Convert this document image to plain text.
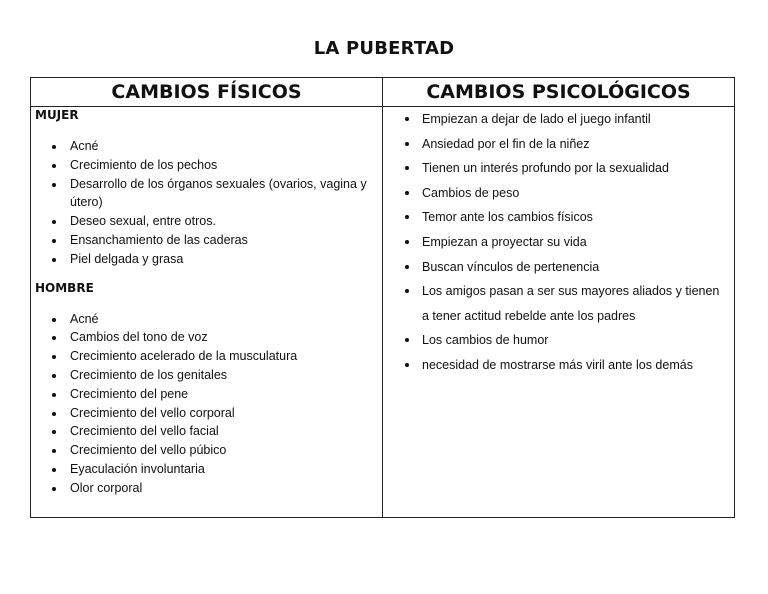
LA PUBERTAD
CAMBIOS FÍSICOS	CAMBIOS PSICOLÓGICOS

MUJER

Acné
Crecimiento de los pechos
Desarrollo de los órganos sexuales (ovarios, vagina y útero)
Deseo sexual, entre otros.
Ensanchamiento de las caderas
Piel delgada y grasa

HOMBRE

Acné
Cambios del tono de voz
Crecimiento acelerado de la musculatura
Crecimiento de los genitales
Crecimiento del pene
Crecimiento del vello corporal
Crecimiento del vello facial
Crecimiento del vello púbico
Eyaculación involuntaria
Olor corporal
Empiezan a dejar de lado el juego infantil
Ansiedad por el fin de la niñez
Tienen un interés profundo por la sexualidad
Cambios de peso
Temor ante los cambios físicos
Empiezan a proyectar su vida
Buscan vínculos de pertenencia
Los amigos pasan a ser sus mayores aliados y tienen a tener actitud rebelde ante los padres
Los cambios de humor
necesidad de mostrarse más viril ante los demás
